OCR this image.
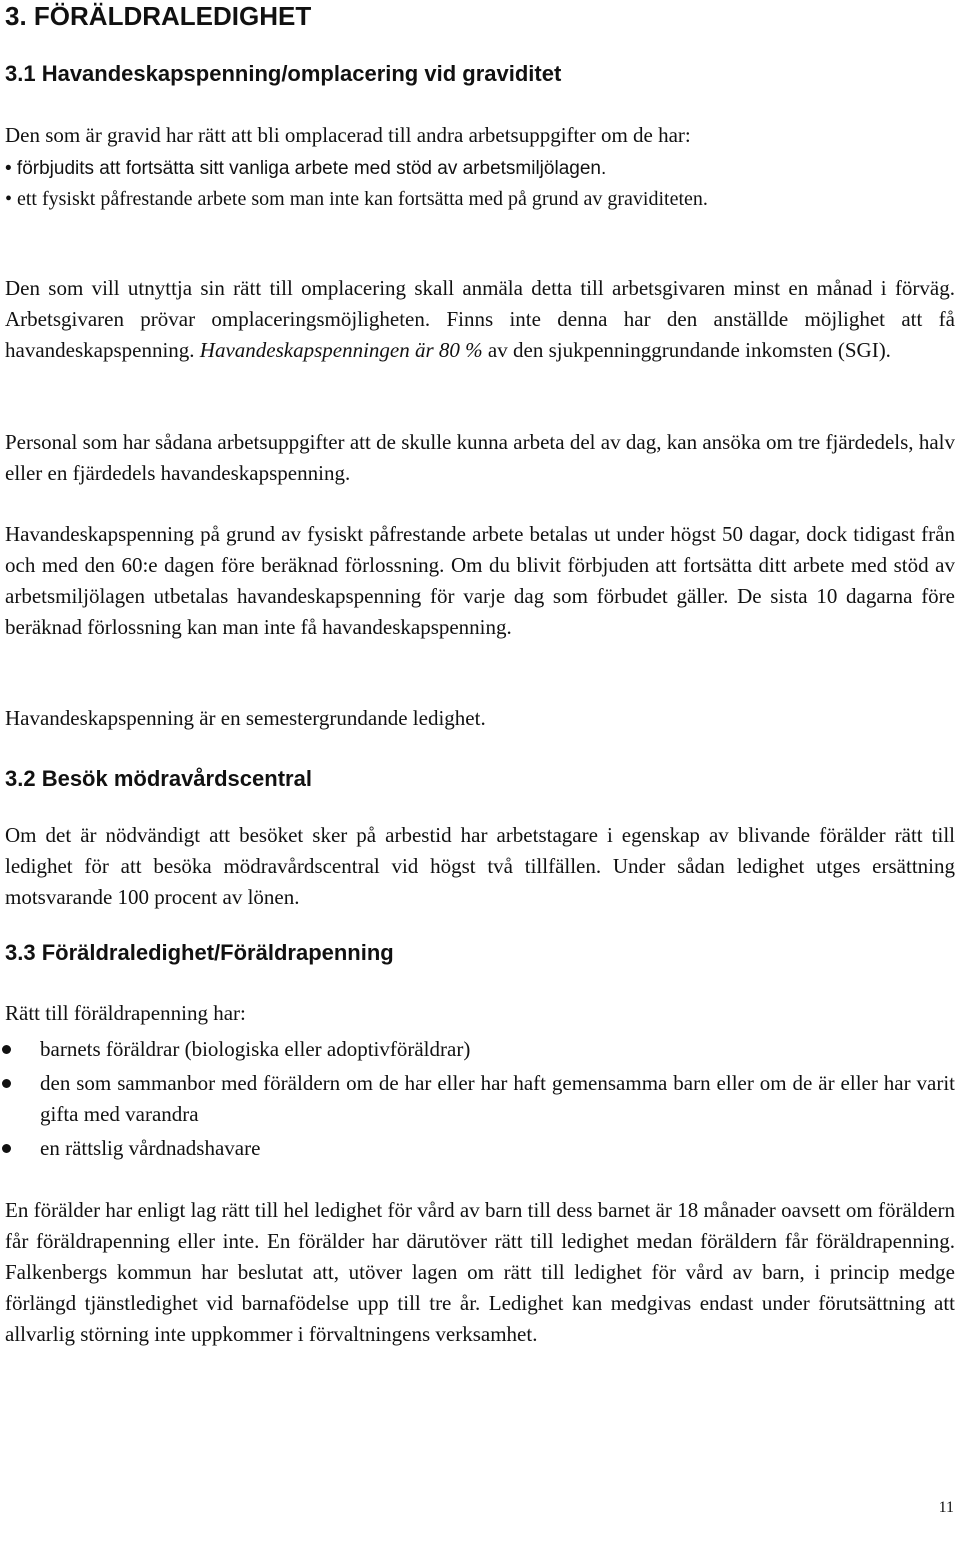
3. FÖRÄLDRALEDIGHET
3.1 Havandeskapspenning/omplacering vid graviditet

Den som är gravid har rätt att bli omplacerad till andra arbetsuppgifter om de har:

• förbjudits att fortsätta sitt vanliga arbete med stöd av arbetsmiljölagen.
• ett fysiskt påfrestande arbete som man inte kan fortsätta med på grund av graviditeten.

Den som vill utnyttja sin rätt till omplacering skall anmäla detta till arbetsgivaren minst en månad i förväg. Arbetsgivaren prövar omplaceringsmöjligheten. Finns inte denna har den anställde möjlighet att få havandeskapspenning. Havandeskapspenningen är 80 % av den sjukpenninggrundande inkomsten (SGI).

Personal som har sådana arbetsuppgifter att de skulle kunna arbeta del av dag, kan ansöka om tre fjärdedels, halv eller en fjärdedels havandeskapspenning.

Havandeskapspenning på grund av fysiskt påfrestande arbete betalas ut under högst 50 dagar, dock tidigast från och med den 60:e dagen före beräknad förlossning. Om du blivit förbjuden att fortsätta ditt arbete med stöd av arbetsmiljölagen utbetalas havandeskapspenning för varje dag som förbudet gäller. De sista 10 dagarna före beräknad förlossning kan man inte få havandeskapspenning.

Havandeskapspenning är en semestergrundande ledighet.

3.2 Besök mödravårdscentral

Om det är nödvändigt att besöket sker på arbestid har arbetstagare i egenskap av blivande förälder rätt till ledighet för att besöka mödravårdscentral vid högst två tillfällen. Under sådan ledighet utges ersättning motsvarande 100 procent av lönen.

3.3 Föräldraledighet/Föräldrapenning

Rätt till föräldrapenning har:

barnets föräldrar (biologiska eller adoptivföräldrar)
den som sammanbor med föräldern om de har eller har haft gemensamma barn eller om de är eller har varit gifta med varandra
en rättslig vårdnadshavare

En förälder har enligt lag rätt till hel ledighet för vård av barn till dess barnet är 18 månader oavsett om föräldern får föräldrapenning eller inte. En förälder har därutöver rätt till ledighet medan föräldern får föräldrapenning. Falkenbergs kommun har beslutat att, utöver lagen om rätt till ledighet för vård av barn, i princip medge förlängd tjänstledighet vid barnafödelse upp till tre år. Ledighet kan medgivas endast under förutsättning att allvarlig störning inte uppkommer i förvaltningens verksamhet.

11
